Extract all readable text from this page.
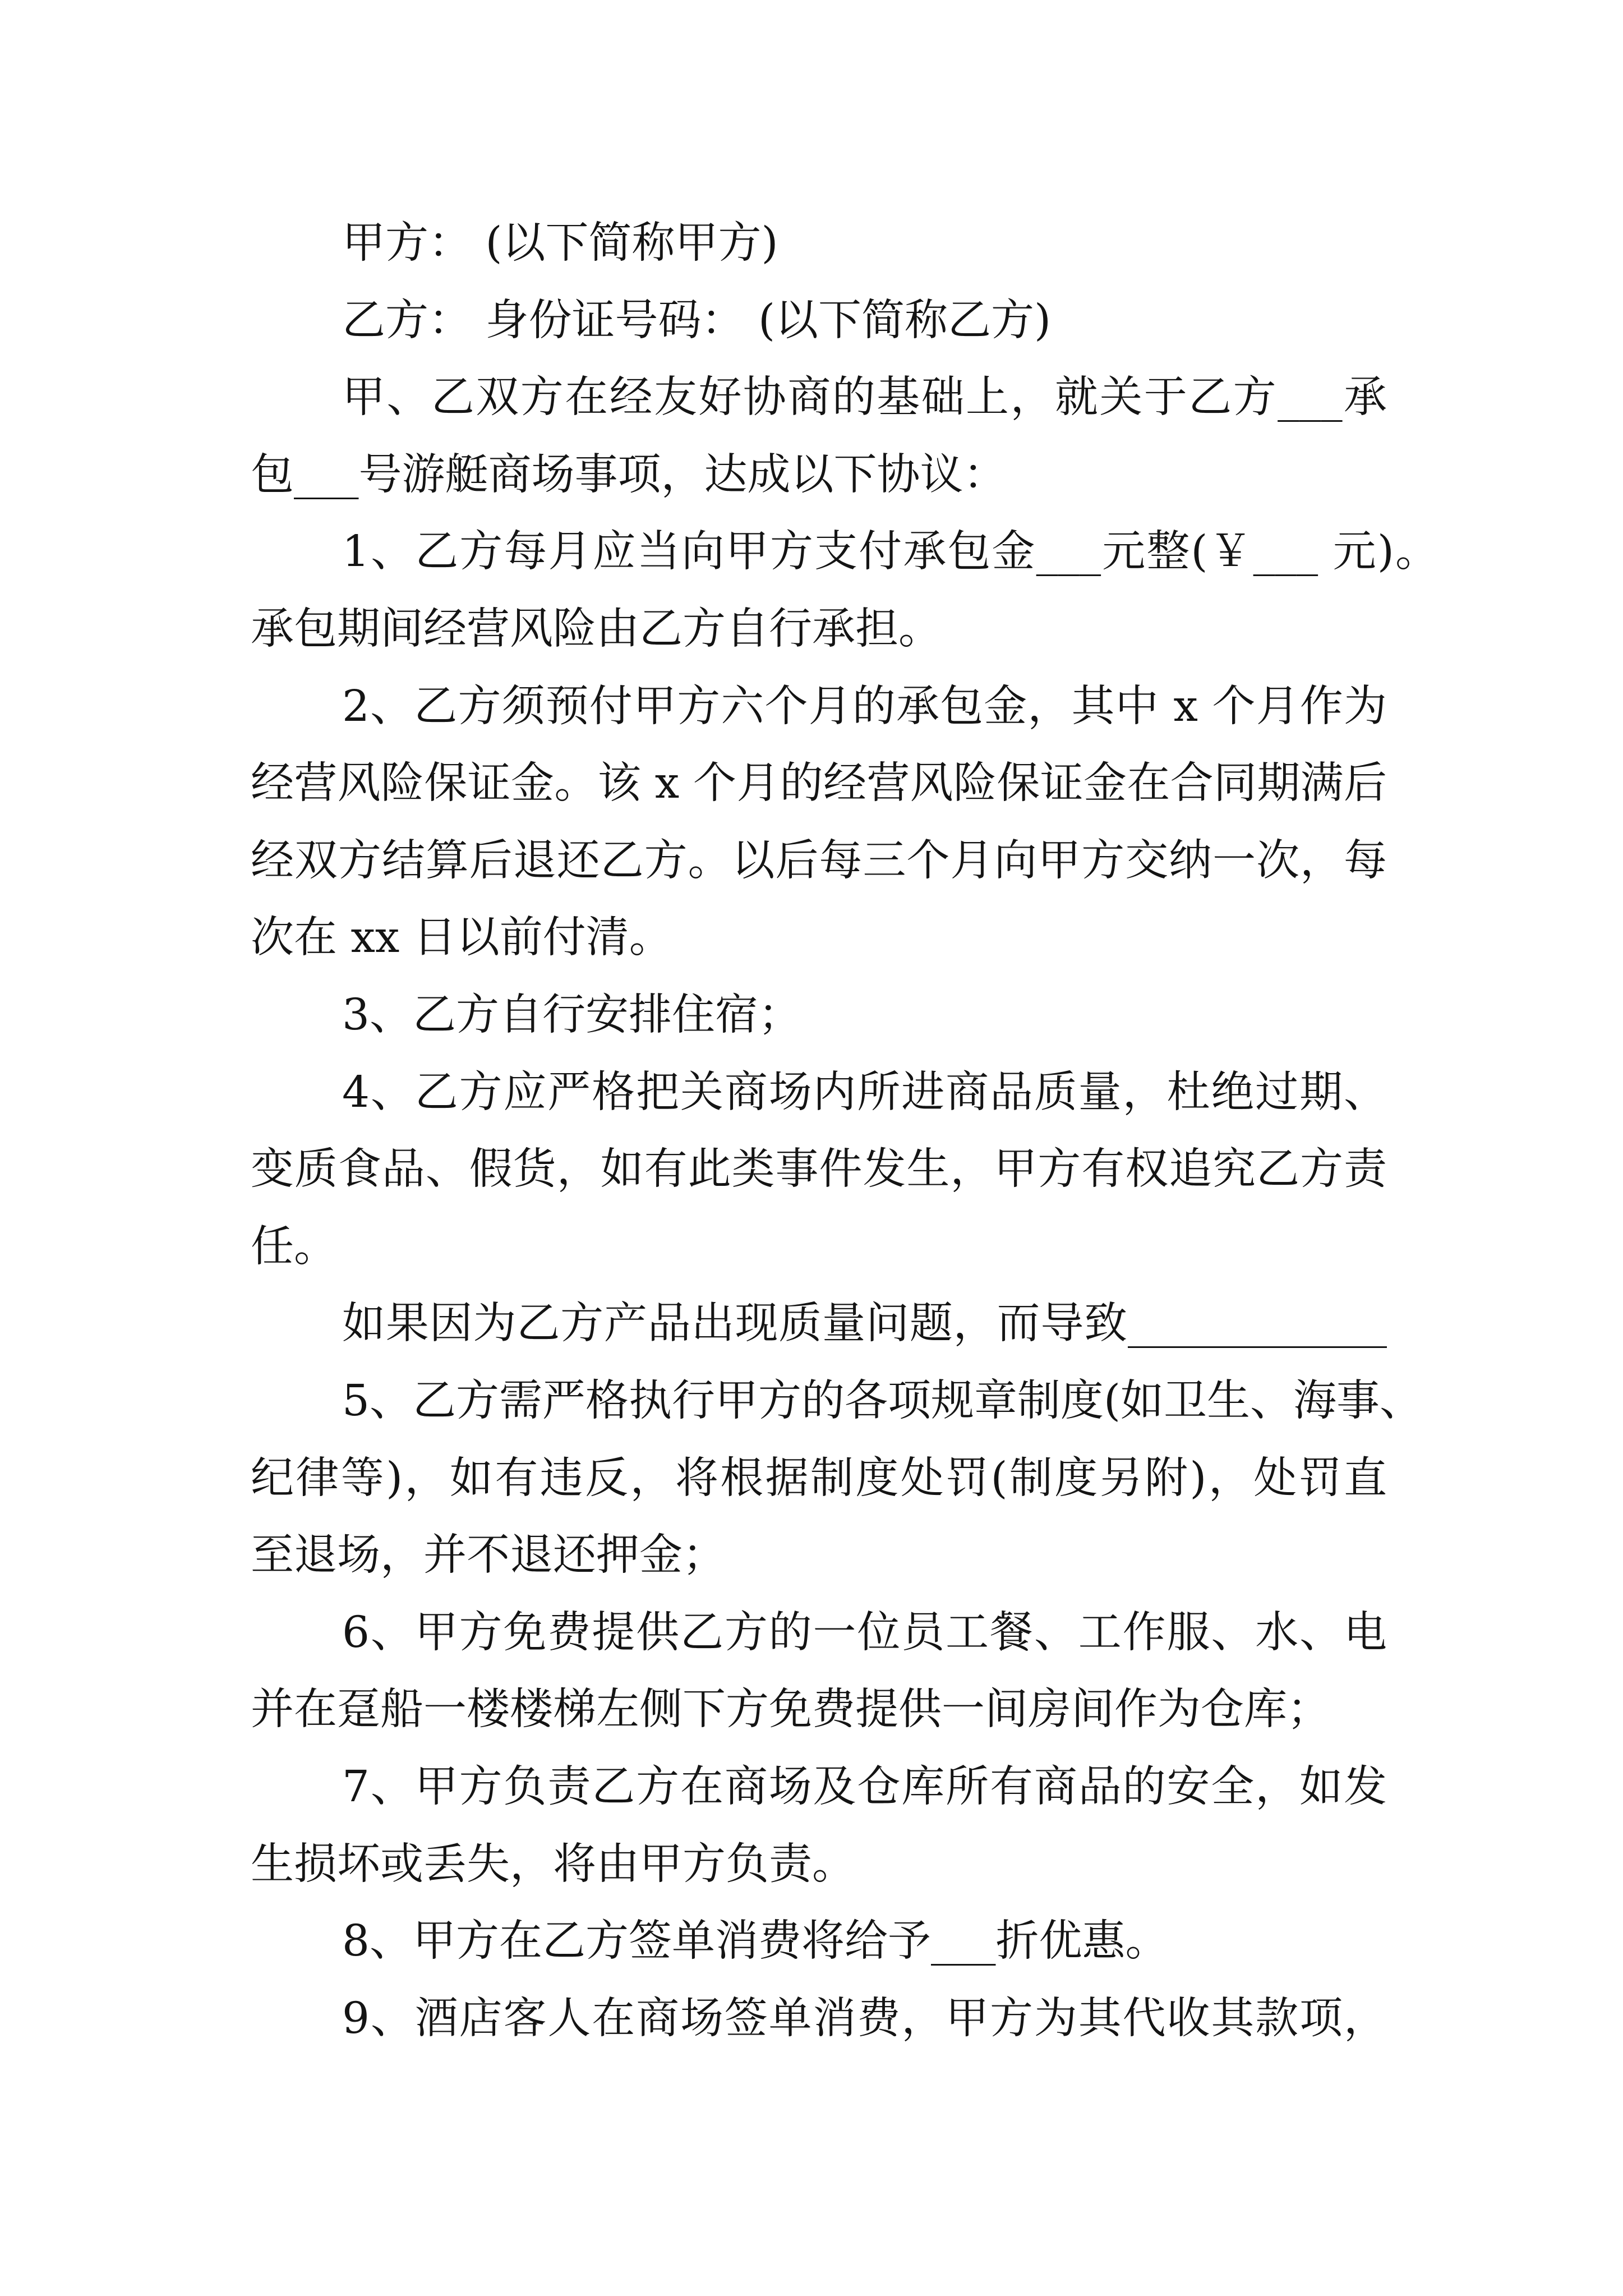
甲方： (以下简称甲方)
乙方： 身份证号码： (以下简称乙方)
甲、乙双方在经友好协商的基础上，就关于乙方___承
包___号游艇商场事项，达成以下协议：
1、乙方每月应当向甲方支付承包金___元整(￥___ 元)。
承包期间经营风险由乙方自行承担。
2、乙方须预付甲方六个月的承包金，其中 x 个月作为
经营风险保证金。该 x 个月的经营风险保证金在合同期满后
经双方结算后退还乙方。以后每三个月向甲方交纳一次，每
次在 xx 日以前付清。
3、乙方自行安排住宿；
4、乙方应严格把关商场内所进商品质量，杜绝过期、
变质食品、假货，如有此类事件发生，甲方有权追究乙方责
任。
如果因为乙方产品出现质量问题，而导致____________
5、乙方需严格执行甲方的各项规章制度(如卫生、海事、
纪律等)，如有违反，将根据制度处罚(制度另附)，处罚直
至退场，并不退还押金；
6、甲方免费提供乙方的一位员工餐、工作服、水、电
并在趸船一楼楼梯左侧下方免费提供一间房间作为仓库；
7、甲方负责乙方在商场及仓库所有商品的安全，如发
生损坏或丢失，将由甲方负责。
8、甲方在乙方签单消费将给予___折优惠。
9、酒店客人在商场签单消费，甲方为其代收其款项，
